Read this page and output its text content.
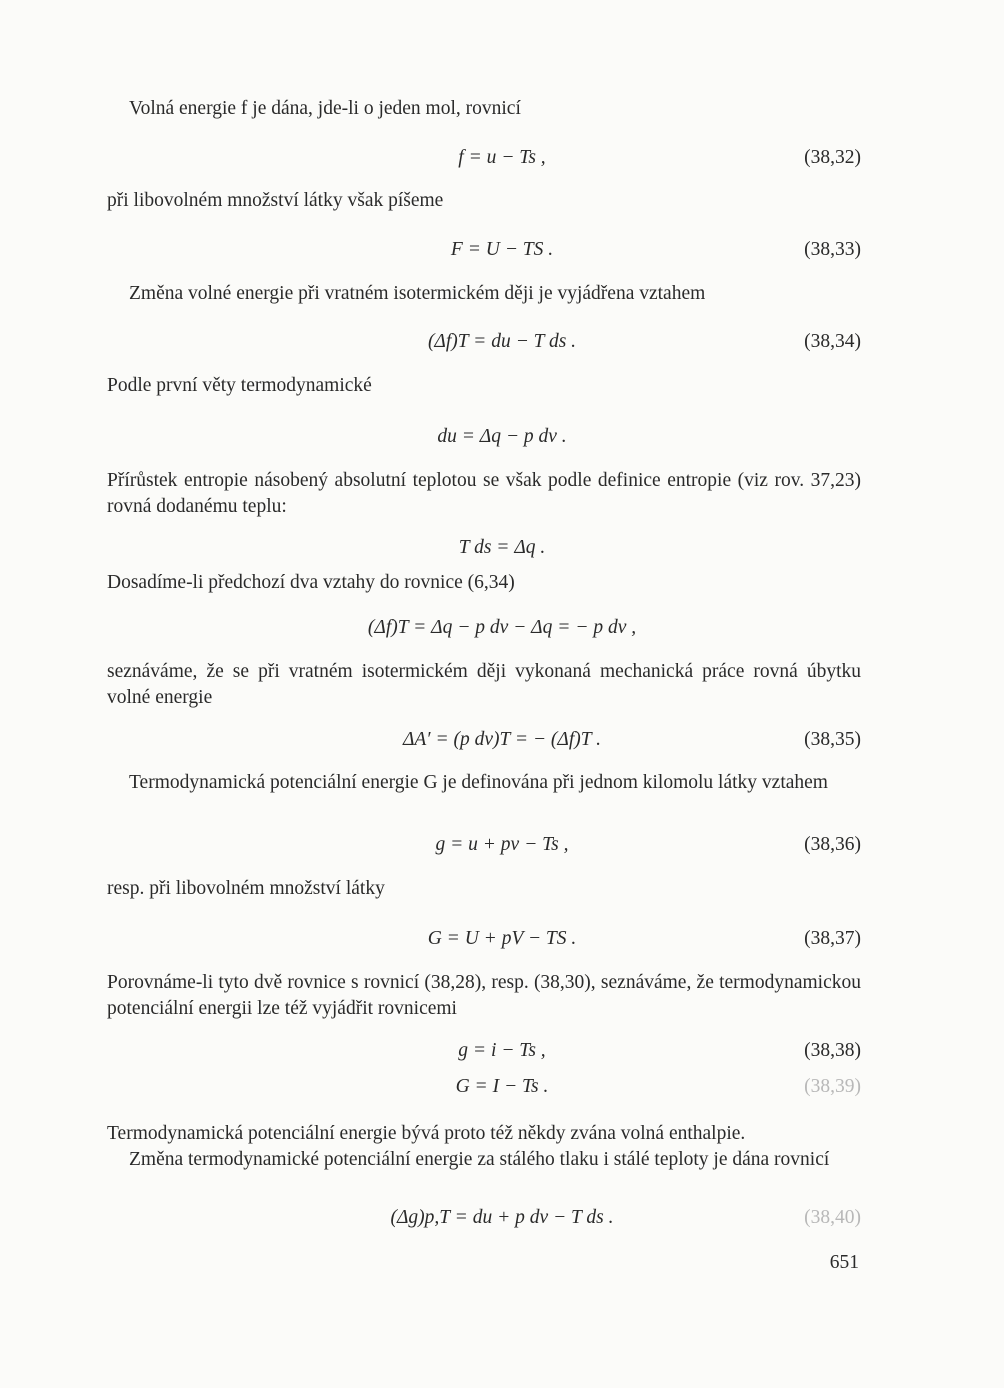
Volná energie f je dána, jde-li o jeden mol, rovnicí
f = u − Ts ,	(38,32)
při libovolném množství látky však píšeme
F = U − TS .	(38,33)
Změna volné energie při vratném isotermickém ději je vyjádřena vztahem
(Δf)T = du − T ds .	(38,34)
Podle první věty termodynamické
du = Δq − p dv .
Přírůstek entropie násobený absolutní teplotou se však podle definice entropie (viz rov. 37,23) rovná dodanému teplu:
T ds = Δq .
Dosadíme-li předchozí dva vztahy do rovnice (6,34)
(Δf)T = Δq − p dv − Δq = − p dv ,
seznáváme, že se při vratném isotermickém ději vykonaná mechanická práce rovná úbytku volné energie
ΔA′ = (p dv)T = − (Δf)T .	(38,35)
Termodynamická potenciální energie G je definována při jednom kilomolu látky vztahem
g = u + pv − Ts ,	(38,36)
resp. při libovolném množství látky
G = U + pV − TS .	(38,37)
Porovnáme-li tyto dvě rovnice s rovnicí (38,28), resp. (38,30), seznáváme, že termodynamickou potenciální energii lze též vyjádřit rovnicemi
g = i − Ts ,	(38,38)
G = I − Ts .	(38,39)
Termodynamická potenciální energie bývá proto též někdy zvána volná enthalpie.
Změna termodynamické potenciální energie za stálého tlaku i stálé teploty je dána rovnicí
(Δg)p,T = du + p dv − T ds .	(38,40)
651
